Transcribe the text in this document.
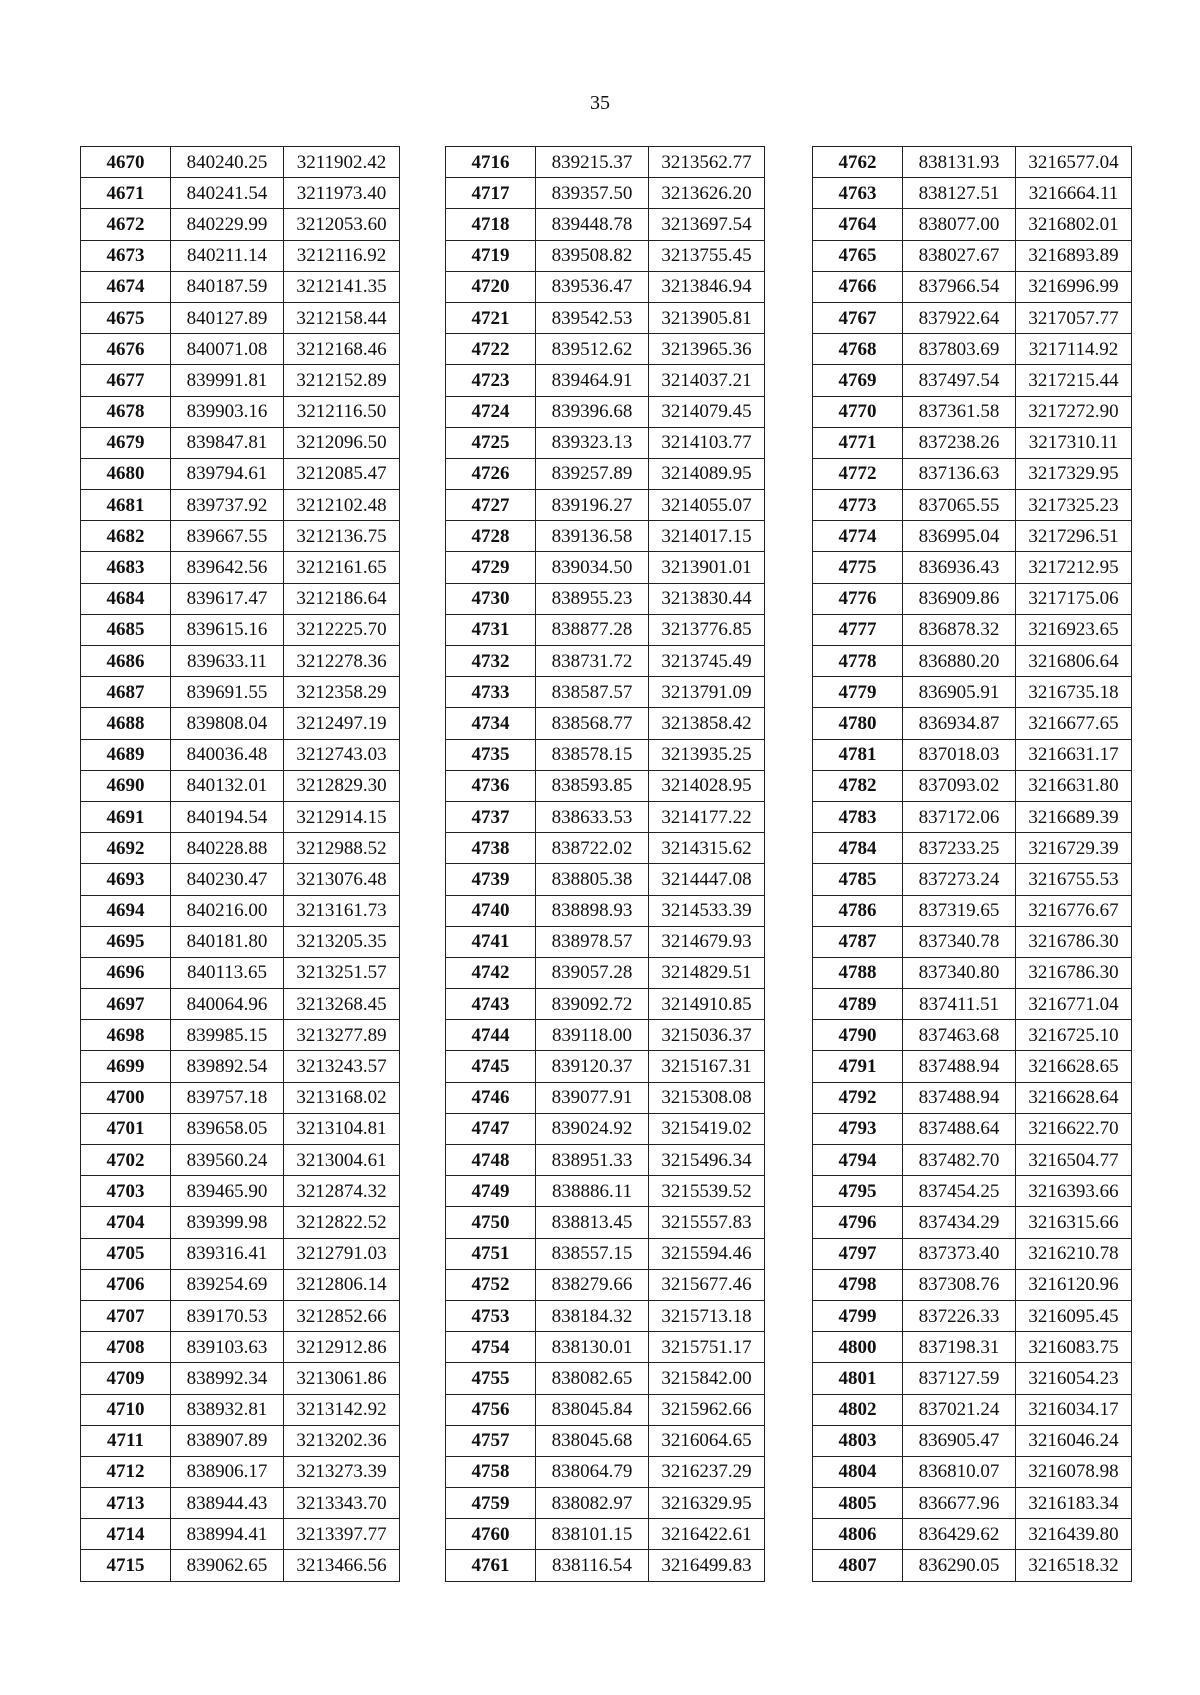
35
4670	840240.25	3211902.42
4671	840241.54	3211973.40
4672	840229.99	3212053.60
4673	840211.14	3212116.92
4674	840187.59	3212141.35
4675	840127.89	3212158.44
4676	840071.08	3212168.46
4677	839991.81	3212152.89
4678	839903.16	3212116.50
4679	839847.81	3212096.50
4680	839794.61	3212085.47
4681	839737.92	3212102.48
4682	839667.55	3212136.75
4683	839642.56	3212161.65
4684	839617.47	3212186.64
4685	839615.16	3212225.70
4686	839633.11	3212278.36
4687	839691.55	3212358.29
4688	839808.04	3212497.19
4689	840036.48	3212743.03
4690	840132.01	3212829.30
4691	840194.54	3212914.15
4692	840228.88	3212988.52
4693	840230.47	3213076.48
4694	840216.00	3213161.73
4695	840181.80	3213205.35
4696	840113.65	3213251.57
4697	840064.96	3213268.45
4698	839985.15	3213277.89
4699	839892.54	3213243.57
4700	839757.18	3213168.02
4701	839658.05	3213104.81
4702	839560.24	3213004.61
4703	839465.90	3212874.32
4704	839399.98	3212822.52
4705	839316.41	3212791.03
4706	839254.69	3212806.14
4707	839170.53	3212852.66
4708	839103.63	3212912.86
4709	838992.34	3213061.86
4710	838932.81	3213142.92
4711	838907.89	3213202.36
4712	838906.17	3213273.39
4713	838944.43	3213343.70
4714	838994.41	3213397.77
4715	839062.65	3213466.56
4716	839215.37	3213562.77
4717	839357.50	3213626.20
4718	839448.78	3213697.54
4719	839508.82	3213755.45
4720	839536.47	3213846.94
4721	839542.53	3213905.81
4722	839512.62	3213965.36
4723	839464.91	3214037.21
4724	839396.68	3214079.45
4725	839323.13	3214103.77
4726	839257.89	3214089.95
4727	839196.27	3214055.07
4728	839136.58	3214017.15
4729	839034.50	3213901.01
4730	838955.23	3213830.44
4731	838877.28	3213776.85
4732	838731.72	3213745.49
4733	838587.57	3213791.09
4734	838568.77	3213858.42
4735	838578.15	3213935.25
4736	838593.85	3214028.95
4737	838633.53	3214177.22
4738	838722.02	3214315.62
4739	838805.38	3214447.08
4740	838898.93	3214533.39
4741	838978.57	3214679.93
4742	839057.28	3214829.51
4743	839092.72	3214910.85
4744	839118.00	3215036.37
4745	839120.37	3215167.31
4746	839077.91	3215308.08
4747	839024.92	3215419.02
4748	838951.33	3215496.34
4749	838886.11	3215539.52
4750	838813.45	3215557.83
4751	838557.15	3215594.46
4752	838279.66	3215677.46
4753	838184.32	3215713.18
4754	838130.01	3215751.17
4755	838082.65	3215842.00
4756	838045.84	3215962.66
4757	838045.68	3216064.65
4758	838064.79	3216237.29
4759	838082.97	3216329.95
4760	838101.15	3216422.61
4761	838116.54	3216499.83
4762	838131.93	3216577.04
4763	838127.51	3216664.11
4764	838077.00	3216802.01
4765	838027.67	3216893.89
4766	837966.54	3216996.99
4767	837922.64	3217057.77
4768	837803.69	3217114.92
4769	837497.54	3217215.44
4770	837361.58	3217272.90
4771	837238.26	3217310.11
4772	837136.63	3217329.95
4773	837065.55	3217325.23
4774	836995.04	3217296.51
4775	836936.43	3217212.95
4776	836909.86	3217175.06
4777	836878.32	3216923.65
4778	836880.20	3216806.64
4779	836905.91	3216735.18
4780	836934.87	3216677.65
4781	837018.03	3216631.17
4782	837093.02	3216631.80
4783	837172.06	3216689.39
4784	837233.25	3216729.39
4785	837273.24	3216755.53
4786	837319.65	3216776.67
4787	837340.78	3216786.30
4788	837340.80	3216786.30
4789	837411.51	3216771.04
4790	837463.68	3216725.10
4791	837488.94	3216628.65
4792	837488.94	3216628.64
4793	837488.64	3216622.70
4794	837482.70	3216504.77
4795	837454.25	3216393.66
4796	837434.29	3216315.66
4797	837373.40	3216210.78
4798	837308.76	3216120.96
4799	837226.33	3216095.45
4800	837198.31	3216083.75
4801	837127.59	3216054.23
4802	837021.24	3216034.17
4803	836905.47	3216046.24
4804	836810.07	3216078.98
4805	836677.96	3216183.34
4806	836429.62	3216439.80
4807	836290.05	3216518.32
